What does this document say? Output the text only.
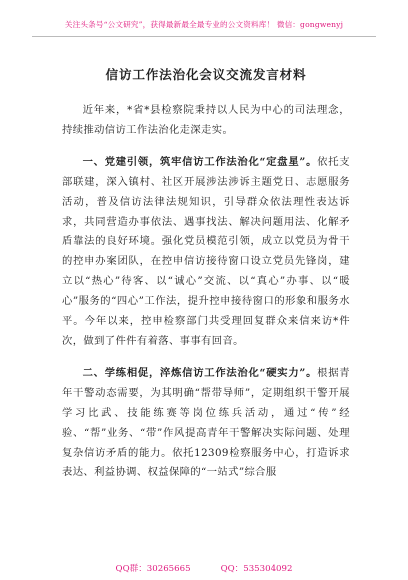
关注头条号“公文研究”，获得最新最全最专业的公文资料库！ 微信：gongwenyj
信访工作法治化会议交流发言材料

近年来，*省*县检察院秉持以人民为中心的司法理念，持续推动信访工作法治化走深走实。

一、党建引领，筑牢信访工作法治化“定盘星”。依托支部联建，深入镇村、社区开展涉法涉诉主题党日、志愿服务活动，普及信访法律法规知识，引导群众依法理性表达诉求，共同营造办事依法、遇事找法、解决问题用法、化解矛盾靠法的良好环境。强化党员模范引领，成立以党员为骨干的控申办案团队，在控申信访接待窗口设立党员先锋岗，建立以“热心”待客、以“诚心”交流、以“真心”办事、以“暖心”服务的“四心”工作法，提升控申接待窗口的形象和服务水平。今年以来，控申检察部门共受理回复群众来信来访*件次，做到了件件有着落、事事有回音。

二、学练相促，淬炼信访工作法治化“硬实力”。根据青年干警动态需要，为其明确“帮带导师”，定期组织干警开展学习比武、技能练赛等岗位练兵活动，通过“传”经验、“帮”业务、“带”作风提高青年干警解决实际问题、处理复杂信访矛盾的能力。依托12309检察服务中心，打造诉求表达、利益协调、权益保障的“一站式”综合服

QQ群：30265665	QQ：535304092
